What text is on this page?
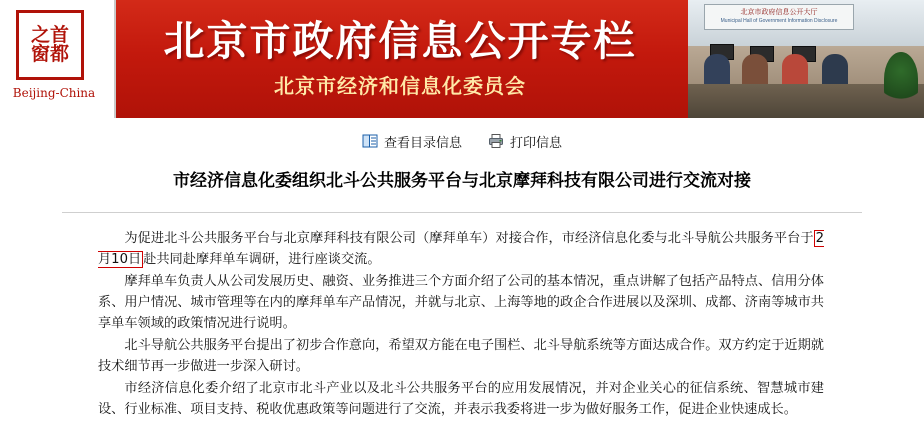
之 首
窗 都
Beijing-China
北京市政府信息公开专栏
北京市经济和信息化委员会
北京市政府信息公开大厅
Municipal Hall of Government Information Disclosure
查看目录信息	打印信息
市经济信息化委组织北斗公共服务平台与北京摩拜科技有限公司进行交流对接

为促进北斗公共服务平台与北京摩拜科技有限公司（摩拜单车）对接合作，市经济信息化委与北斗导航公共服务平台于 2月10日 赴共同赴摩拜单车调研，进行座谈交流。

摩拜单车负责人从公司发展历史、融资、业务推进三个方面介绍了公司的基本情况，重点讲解了包括产品特点、信用分体系、用户情况、城市管理等在内的摩拜单车产品情况，并就与北京、上海等地的政企合作进展以及深圳、成都、济南等城市共享单车领域的政策情况进行说明。

北斗导航公共服务平台提出了初步合作意向，希望双方能在电子围栏、北斗导航系统等方面达成合作。双方约定于近期就技术细节再一步做进一步深入研讨。

市经济信息化委介绍了北京市北斗产业以及北斗公共服务平台的应用发展情况，并对企业关心的征信系统、智慧城市建设、行业标准、项目支持、税收优惠政策等问题进行了交流，并表示我委将进一步为做好服务工作，促进企业快速成长。
